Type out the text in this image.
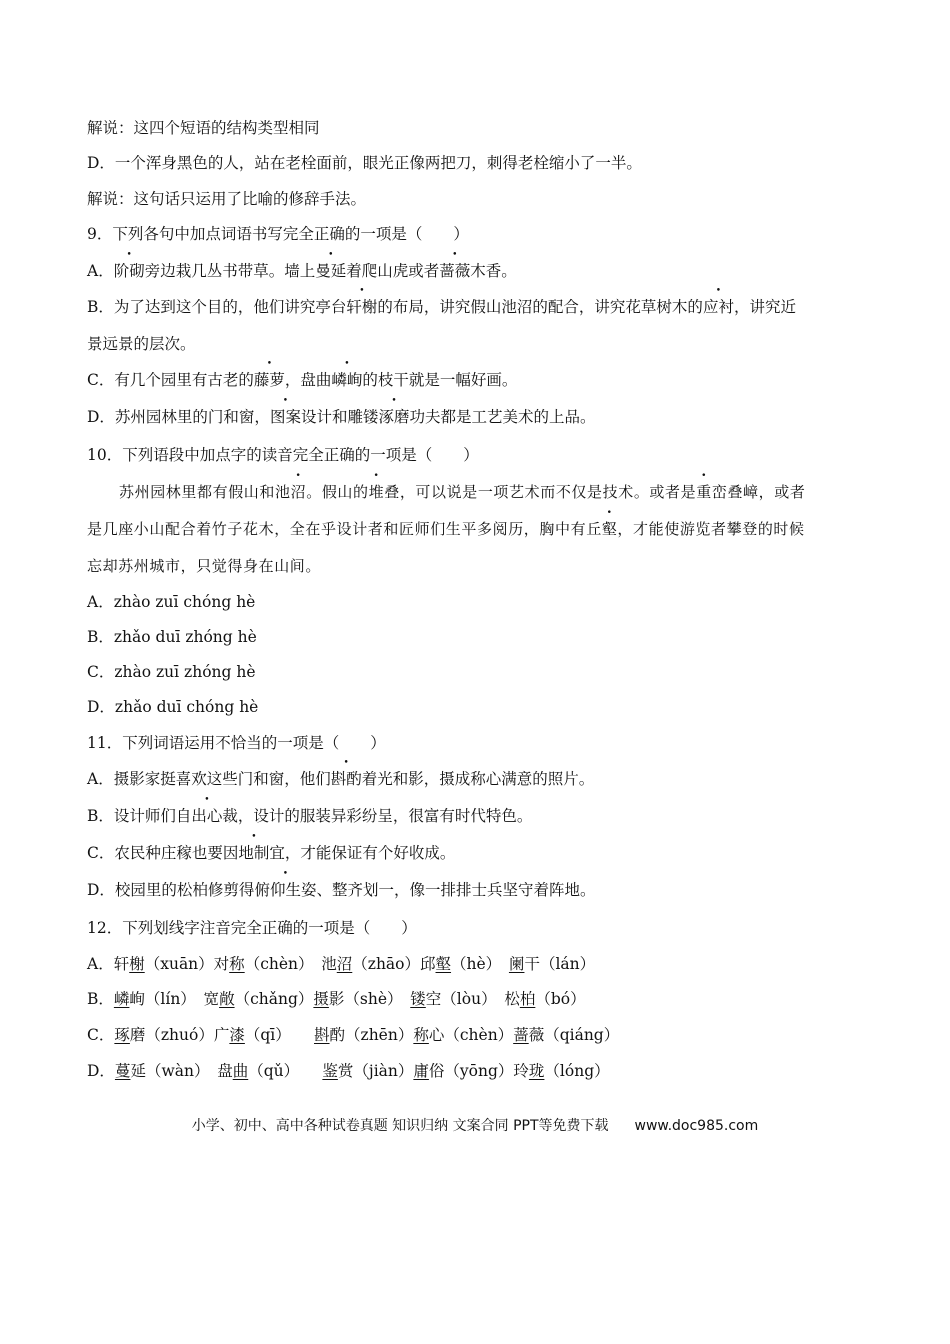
解说：这四个短语的结构类型相同
D．一个浑身黑色的人，站在老栓面前，眼光正像两把刀，刺得老栓缩小了一半。
解说：这句话只运用了比喻的修辞手法。
9．下列各句中加点词语书写完全正确的一项是（　　）
A．阶砌旁边栽几丛书带草。墙上曼延着爬山虎或者蔷薇木香。
B．为了达到这个目的，他们讲究亭台轩榭的布局，讲究假山池沼的配合，讲究花草树木的应衬，讲究近
景远景的层次。
C．有几个园里有古老的藤萝，盘曲嶙峋的枝干就是一幅好画。
D．苏州园林里的门和窗，图案设计和雕镂涿磨功夫都是工艺美术的上品。
10．下列语段中加点字的读音完全正确的一项是（　　）
苏州园林里都有假山和池沼。假山的堆叠，可以说是一项艺术而不仅是技术。或者是重峦叠嶂，或者
是几座小山配合着竹子花木，全在乎设计者和匠师们生平多阅历，胸中有丘壑，才能使游览者攀登的时候
忘却苏州城市，只觉得身在山间。
A．zhào zuī chóng hè
B．zhǎo duī zhóng hè
C．zhào zuī zhóng hè
D．zhǎo duī chóng hè
11．下列词语运用不恰当的一项是（　　）
A．摄影家挺喜欢这些门和窗，他们斟酌着光和影，摄成称心满意的照片。
B．设计师们自出心裁，设计的服装异彩纷呈，很富有时代特色。
C．农民种庄稼也要因地制宜，才能保证有个好收成。
D．校园里的松柏修剪得俯仰生姿、整齐划一，像一排排士兵坚守着阵地。
12．下列划线字注音完全正确的一项是（　　）
A．轩榭（xuān）对称（chèn）　池沼（zhāo）邱壑（hè）　阑干（lán）
B．嶙峋（lín）　宽敞（chǎng）摄影（shè）　镂空（lòu）　松柏（bó）
C．琢磨（zhuó）广漆（qī）　　斟酌（zhēn）称心（chèn）蔷薇（qiáng）
D．蔓延（wàn）　盘曲（qǔ）　　鉴赏（jiàn）庸俗（yōng）玲珑（lóng）
小学、初中、高中各种试卷真题 知识归纳 文案合同 PPT等免费下载 www.doc985.com
